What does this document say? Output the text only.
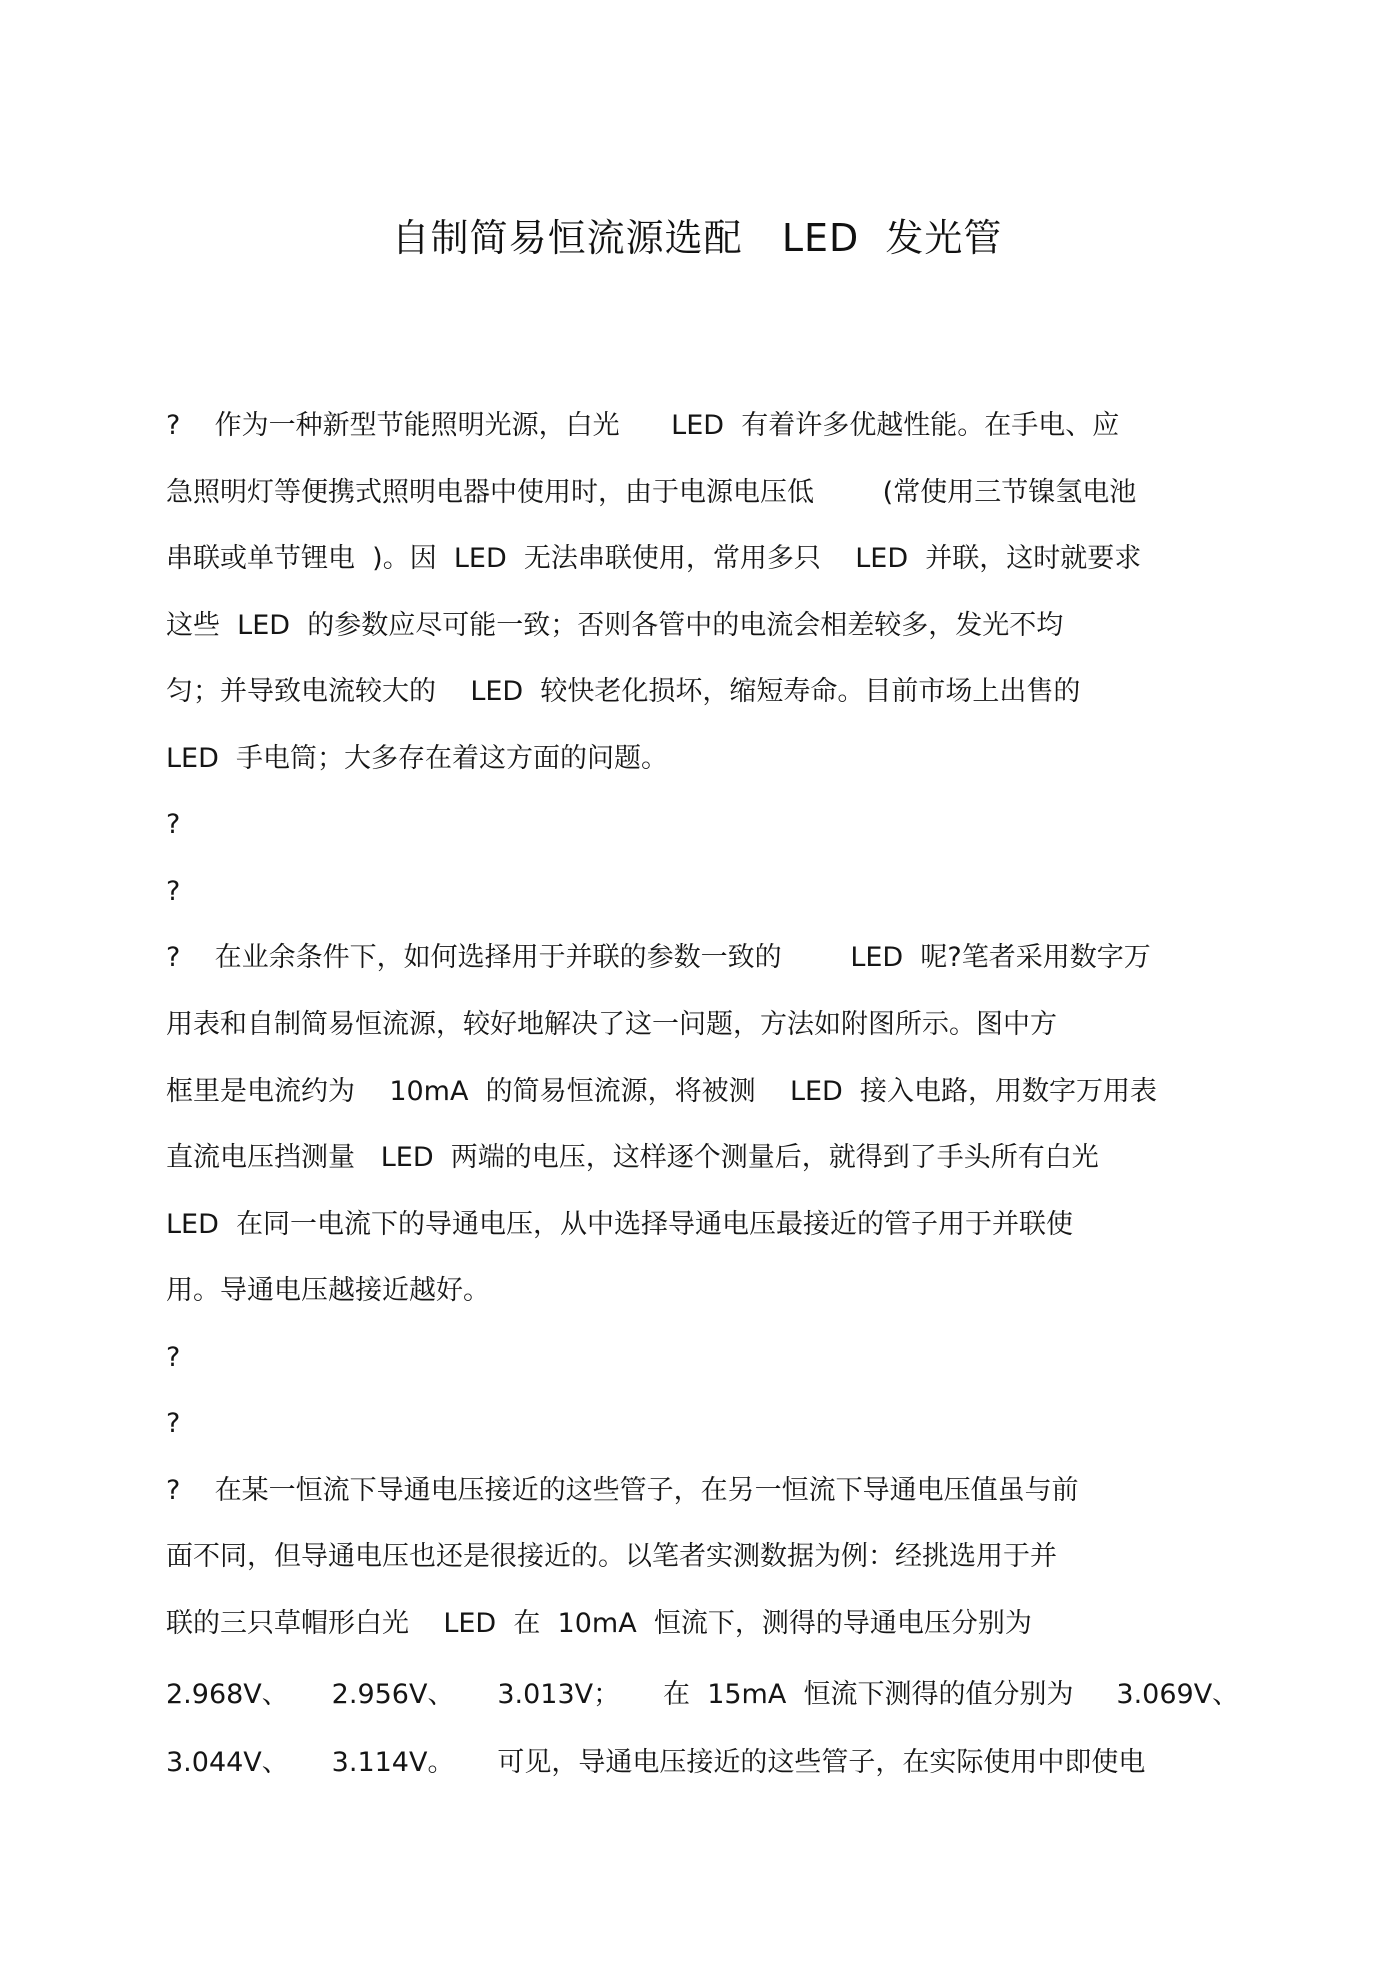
自制简易恒流源选配   LED  发光管
?    作为一种新型节能照明光源，白光      LED  有着许多优越性能。在手电、应
急照明灯等便携式照明电器中使用时，由于电源电压低        (常使用三节镍氢电池
串联或单节锂电  )。因  LED  无法串联使用，常用多只    LED  并联，这时就要求
这些  LED  的参数应尽可能一致；否则各管中的电流会相差较多，发光不均
匀；并导致电流较大的    LED  较快老化损坏，缩短寿命。目前市场上出售的
LED  手电筒；大多存在着这方面的问题。
?
?
?    在业余条件下，如何选择用于并联的参数一致的        LED  呢?笔者采用数字万
用表和自制简易恒流源，较好地解决了这一问题，方法如附图所示。图中方
框里是电流约为    10mA  的简易恒流源，将被测    LED  接入电路，用数字万用表
直流电压挡测量   LED  两端的电压，这样逐个测量后，就得到了手头所有白光
LED  在同一电流下的导通电压，从中选择导通电压最接近的管子用于并联使
用。导通电压越接近越好。
?
?
?    在某一恒流下导通电压接近的这些管子，在另一恒流下导通电压值虽与前
面不同，但导通电压也还是很接近的。以笔者实测数据为例：经挑选用于并
联的三只草帽形白光    LED  在  10mA  恒流下，测得的导通电压分别为
2.968V、     2.956V、     3.013V；     在  15mA  恒流下测得的值分别为     3.069V、
3.044V、     3.114V。     可见，导通电压接近的这些管子，在实际使用中即使电
